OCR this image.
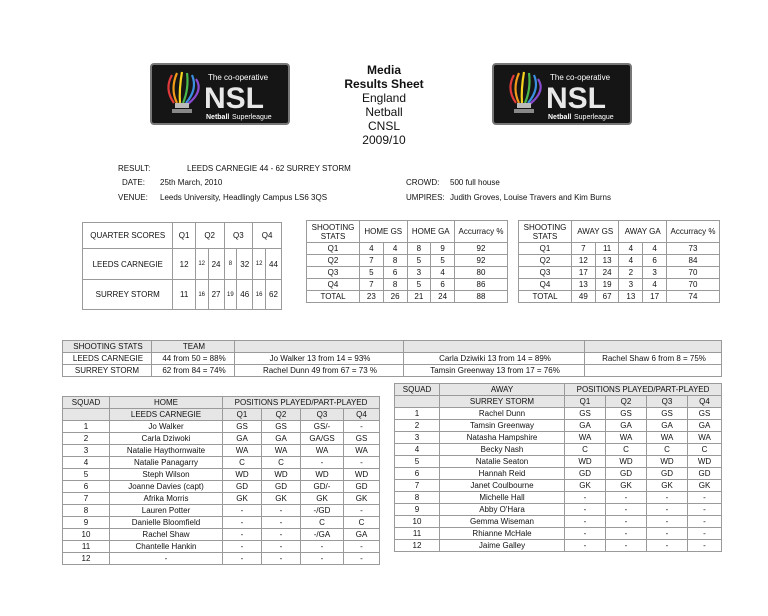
The co-operative
NSL
Netball Superleague
The co-operative
NSL
Netball Superleague
Media
Results Sheet
England
Netball
CNSL
2009/10
RESULT:	LEEDS CARNEGIE 44 - 62 SURREY STORM
DATE: 25th March, 2010	CROWD: 500 full house
VENUE: Leeds University, Headlingly Campus LS6 3QS	UMPIRES: Judith Groves, Louise Travers and Kim Burns
QUARTER SCORES	Q1	Q2		Q3		Q4	
LEEDS CARNEGIE	12	12	24	8	32	12	44
SURREY STORM	11	16	27	19	46	16	62
SHOOTING STATS	HOME GS		HOME GA		Accurracy %
Q1	4	4	8	9	92
Q2	7	8	5	5	92
Q3	5	6	3	4	80
Q4	7	8	5	6	86
TOTAL	23	26	21	24	88
SHOOTING STATS	AWAY GS		AWAY GA		Accurracy %
Q1	7	11	4	4	73
Q2	12	13	4	6	84
Q3	17	24	2	3	70
Q4	13	19	3	4	70
TOTAL	49	67	13	17	74
SHOOTING STATS	TEAM			
LEEDS CARNEGIE	44 from 50 = 88%	Jo Walker 13 from 14 = 93%	Carla Dziwiki 13 from 14 = 89%	Rachel Shaw 6 from 8 = 75%
SURREY STORM	62 from 84 = 74%	Rachel Dunn 49 from 67 = 73 %	Tamsin Greenway 13 from 17 = 76%	
SQUAD	HOME	POSITIONS PLAYED/PART-PLAYED			
	LEEDS CARNEGIE	Q1	Q2	Q3	Q4
1	Jo Walker	GS	GS	GS/-	-
2	Carla Dziwoki	GA	GA	GA/GS	GS
3	Natalie Haythornwaite	WA	WA	WA	WA
4	Natalie Panagarry	C	C	-	-
5	Steph Wilson	WD	WD	WD	WD
6	Joanne Davies (capt)	GD	GD	GD/-	GD
7	Afrika Morris	GK	GK	GK	GK
8	Lauren Potter	-	-	-/GD	-
9	Danielle Bloomfield	-	-	C	C
10	Rachel Shaw	-	-	-/GA	GA
11	Chantelle Hankin	-	-	-	-
12	-	-	-	-	-
SQUAD	AWAY	POSITIONS PLAYED/PART-PLAYED			
	SURREY STORM	Q1	Q2	Q3	Q4
1	Rachel Dunn	GS	GS	GS	GS
2	Tamsin Greenway	GA	GA	GA	GA
3	Natasha Hampshire	WA	WA	WA	WA
4	Becky Nash	C	C	C	C
5	Natalie Seaton	WD	WD	WD	WD
6	Hannah Reid	GD	GD	GD	GD
7	Janet Coulbourne	GK	GK	GK	GK
8	Michelle Hall	-	-	-	-
9	Abby O'Hara	-	-	-	-
10	Gemma Wiseman	-	-	-	-
11	Rhianne McHale	-	-	-	-
12	Jaime Galley	-	-	-	-
